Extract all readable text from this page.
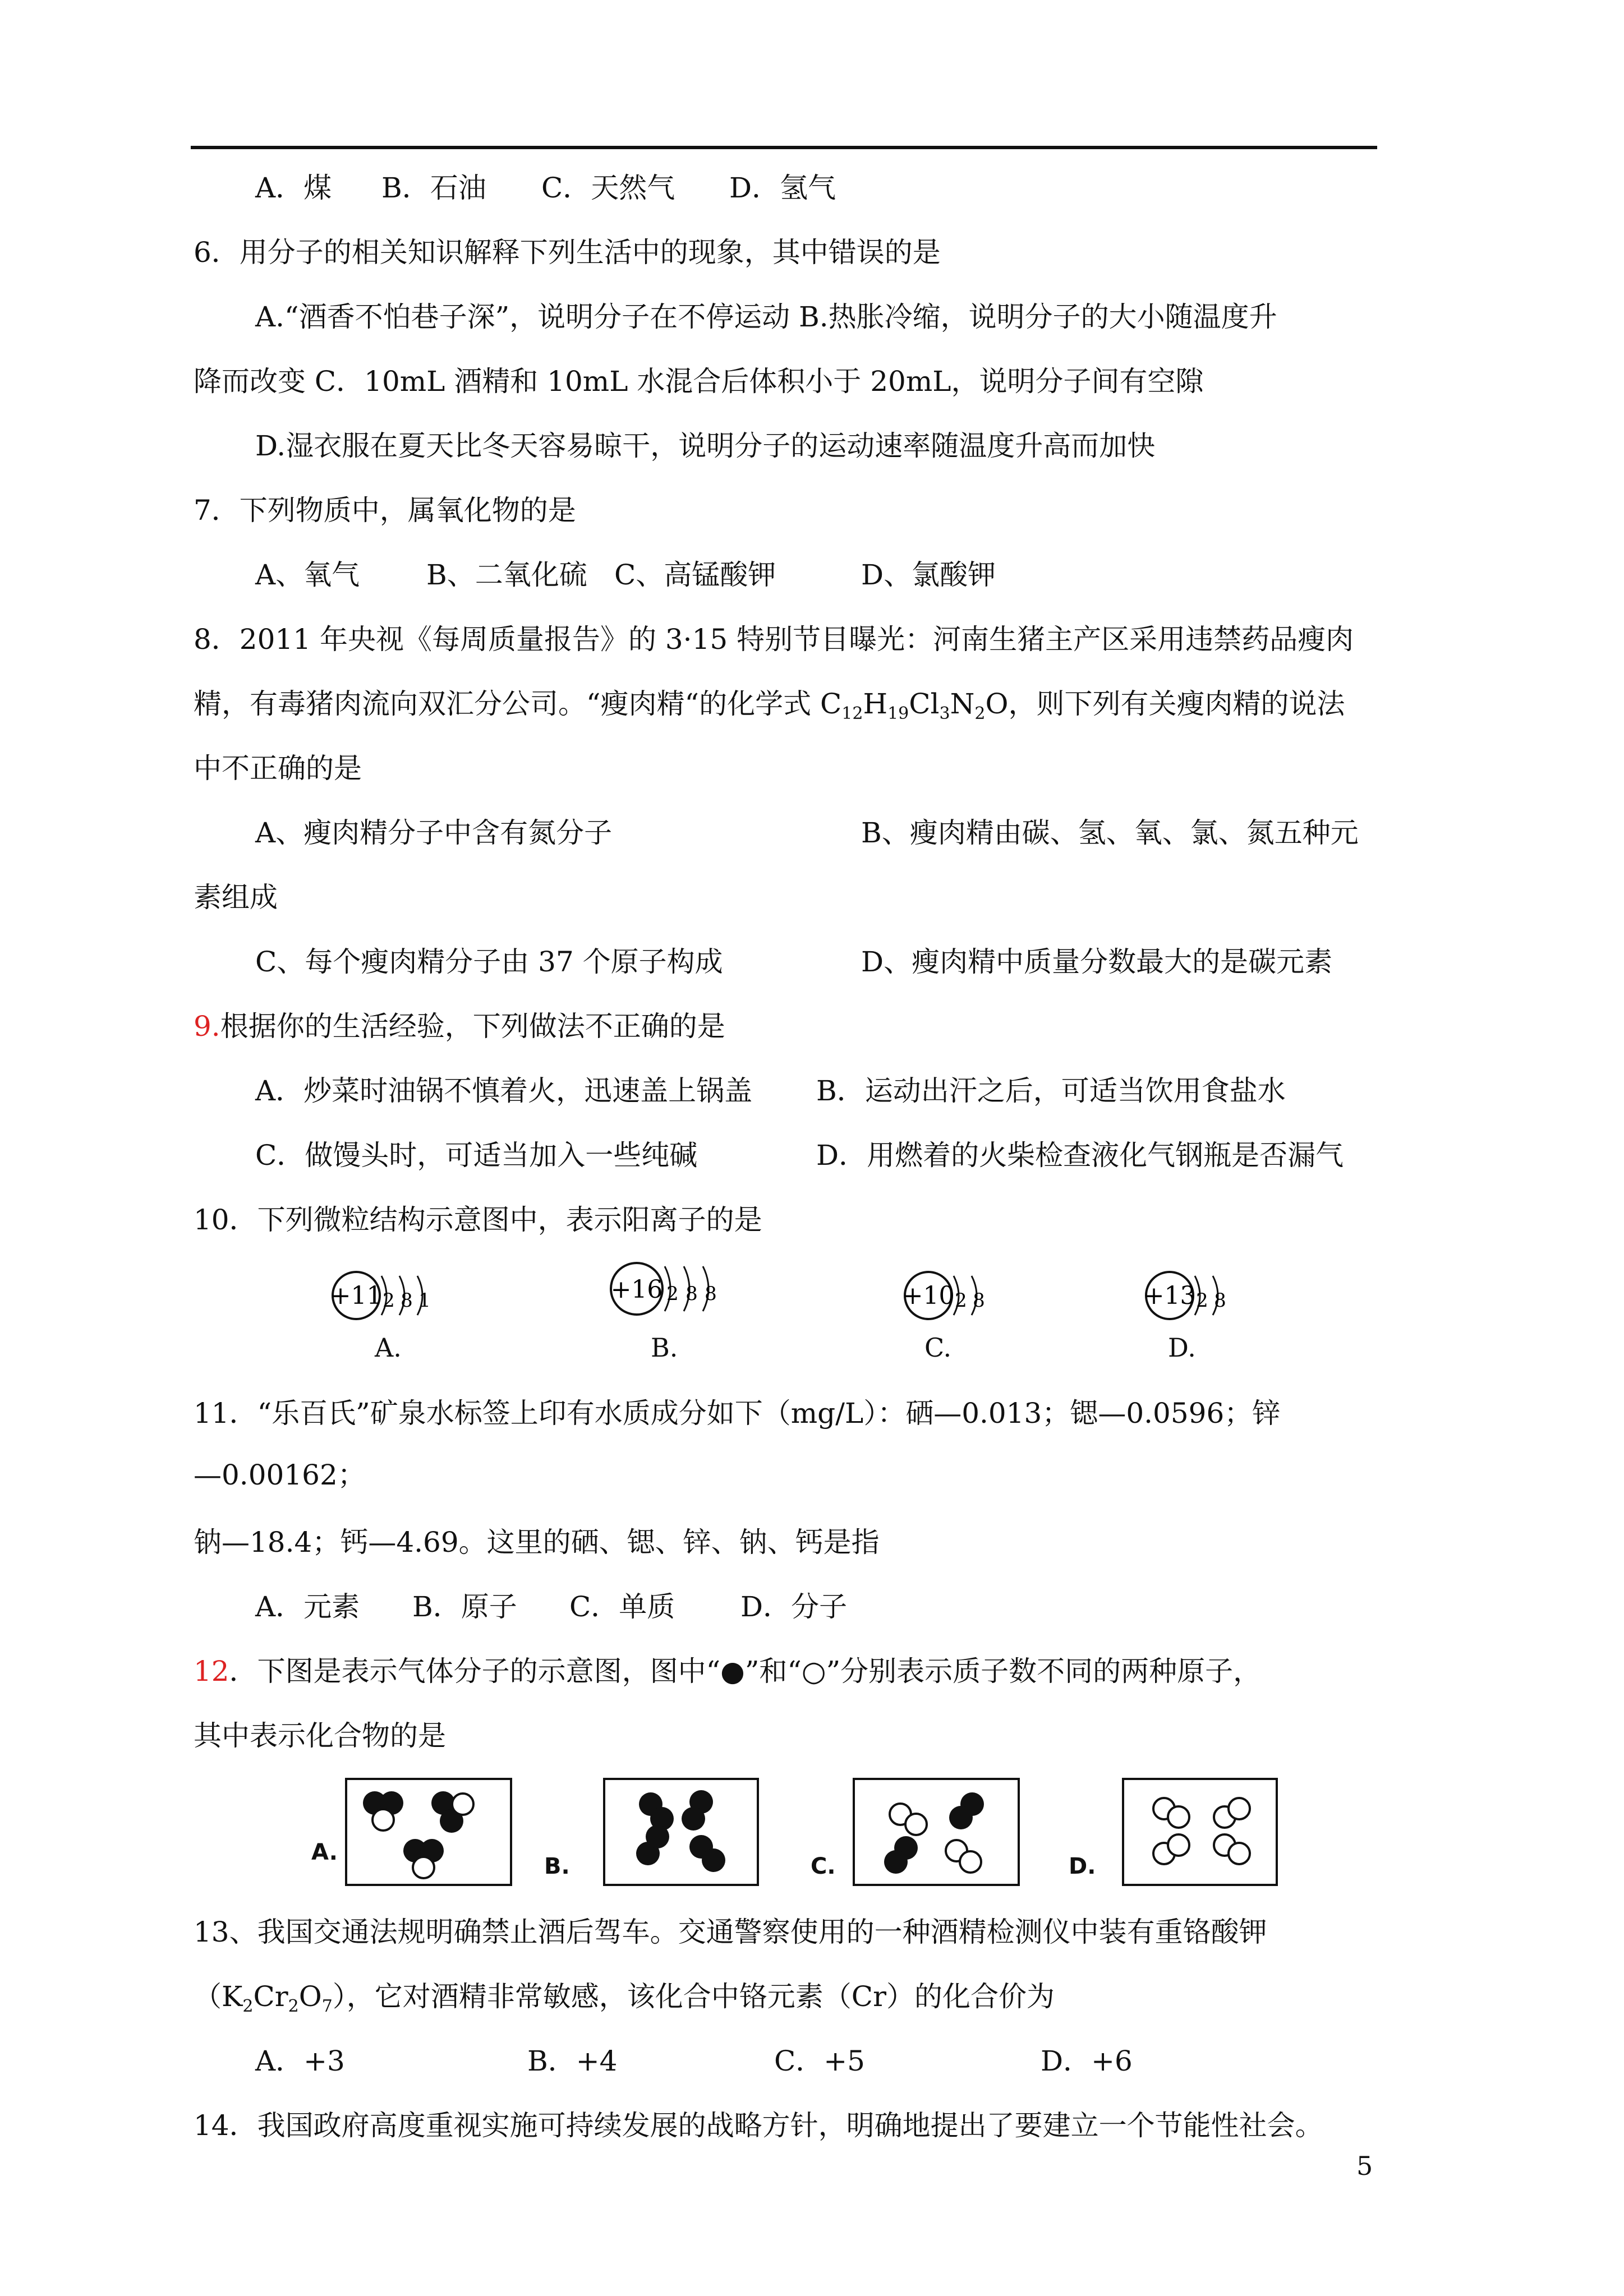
A．煤 B．石油 C．天然气 D．氢气
6．用分子的相关知识解释下列生活中的现象，其中错误的是
A.“酒香不怕巷子深”，说明分子在不停运动 B.热胀冷缩，说明分子的大小随温度升
降而改变 C．10mL 酒精和 10mL 水混合后体积小于 20mL，说明分子间有空隙
D.湿衣服在夏天比冬天容易晾干，说明分子的运动速率随温度升高而加快
7．下列物质中，属氧化物的是
A、氧气 B、二氧化硫 C、高锰酸钾	D、氯酸钾
8．2011 年央视《每周质量报告》的 3·15 特别节目曝光：河南生猪主产区采用违禁药品瘦肉
精，有毒猪肉流向双汇分公司。“瘦肉精“的化学式 $C_{12}H_{19}Cl_3N_2O$，则下列有关瘦肉精的说法
中不正确的是
A、瘦肉精分子中含有氮分子	B、瘦肉精由碳、氢、氧、氯、氮五种元
素组成
C、每个瘦肉精分子由 37 个原子构成	D、瘦肉精中质量分数最大的是碳元素
9.根据你的生活经验，下列做法不正确的是
A．炒菜时油锅不慎着火，迅速盖上锅盖 B．运动出汗之后，可适当饮用食盐水
C．做馒头时，可适当加入一些纯碱	D．用燃着的火柴检查液化气钢瓶是否漏气
10．下列微粒结构示意图中，表示阳离子的是
+11 2 8 1
A.
+16 2 8 8
B.
+10 2 8
C.
+13 2 8
D.
11．“乐百氏”矿泉水标签上印有水质成分如下（mg/L）：硒—0.013；锶—0.0596；锌
—0.00162；
钠—18.4；钙—4.69。这里的硒、锶、锌、钠、钙是指
A．元素 B．原子 C．单质 D．分子
12．下图是表示气体分子的示意图，图中“●”和“○”分别表示质子数不同的两种原子，
其中表示化合物的是
A.
B.	C.	D.
13、我国交通法规明确禁止酒后驾车。交通警察使用的一种酒精检测仪中装有重铬酸钾
$(K_2Cr_2O_7)$，它对酒精非常敏感，该化合中铬元素（Cr）的化合价为
A．+3	B．+4	C．+5	D．+6
14．我国政府高度重视实施可持续发展的战略方针，明确地提出了要建立一个节能性社会。
5
